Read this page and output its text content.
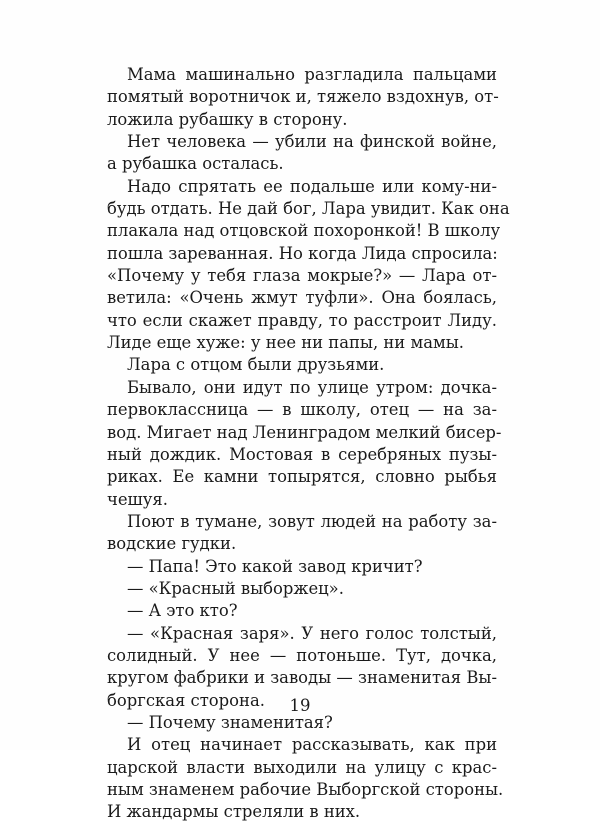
Мама машинально разгладила пальцами
помятый воротничок и, тяжело вздохнув, от-
ложила рубашку в сторону.
Нет человека — убили на финской войне,
а рубашка осталась.
Надо спрятать ее подальше или кому-ни-
будь отдать. Не дай бог, Лара увидит. Как она
плакала над отцовской похоронкой! В школу
пошла зареванная. Но когда Лида спросила:
«Почему у тебя глаза мокрые?» — Лара от-
ветила: «Очень жмут туфли». Она боялась,
что если скажет правду, то расстроит Лиду.
Лиде еще хуже: у нее ни папы, ни мамы.
Лара с отцом были друзьями.
Бывало, они идут по улице утром: дочка-
первоклассница — в школу, отец — на за-
вод. Мигает над Ленинградом мелкий бисер-
ный дождик. Мостовая в серебряных пузы-
риках. Ее камни топырятся, словно рыбья
чешуя.
Поют в тумане, зовут людей на работу за-
водские гудки.
— Папа! Это какой завод кричит?
— «Красный выборжец».
— А это кто?
— «Красная заря». У него голос толстый,
солидный. У нее — потоньше. Тут, дочка,
кругом фабрики и заводы — знаменитая Вы-
боргская сторона.
— Почему знаменитая?
И отец начинает рассказывать, как при
царской власти выходили на улицу с крас-
ным знаменем рабочие Выборгской стороны.
И жандармы стреляли в них.
19
